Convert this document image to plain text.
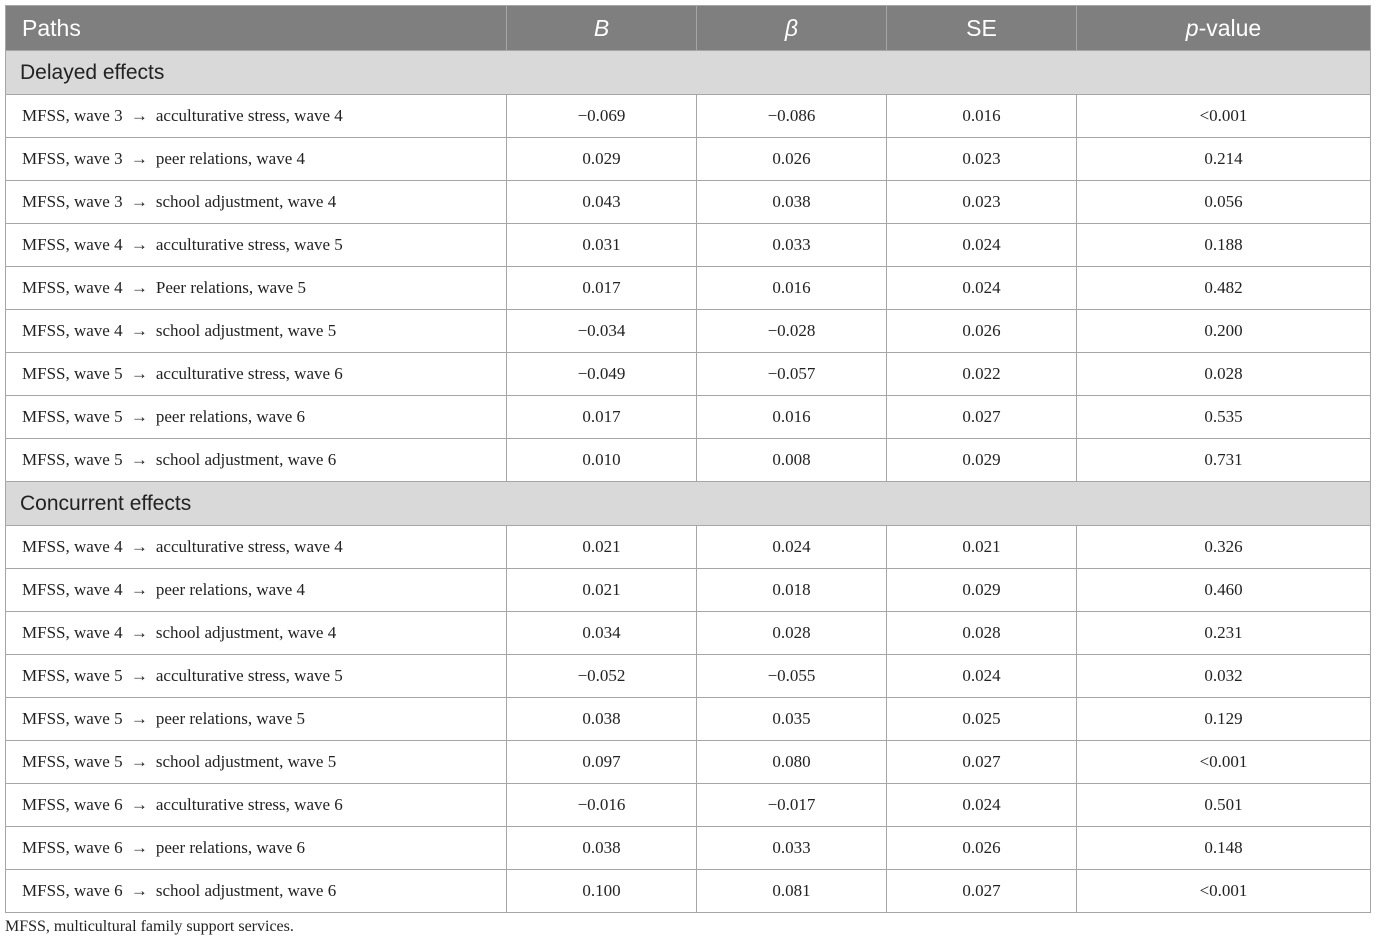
Paths	B	β	SE	p-value
Delayed effects				
MFSS, wave 3 → acculturative stress, wave 4	−0.069	−0.086	0.016	<0.001
MFSS, wave 3 → peer relations, wave 4	0.029	0.026	0.023	0.214
MFSS, wave 3 → school adjustment, wave 4	0.043	0.038	0.023	0.056
MFSS, wave 4 → acculturative stress, wave 5	0.031	0.033	0.024	0.188
MFSS, wave 4 → Peer relations, wave 5	0.017	0.016	0.024	0.482
MFSS, wave 4 → school adjustment, wave 5	−0.034	−0.028	0.026	0.200
MFSS, wave 5 → acculturative stress, wave 6	−0.049	−0.057	0.022	0.028
MFSS, wave 5 → peer relations, wave 6	0.017	0.016	0.027	0.535
MFSS, wave 5 → school adjustment, wave 6	0.010	0.008	0.029	0.731
Concurrent effects				
MFSS, wave 4 → acculturative stress, wave 4	0.021	0.024	0.021	0.326
MFSS, wave 4 → peer relations, wave 4	0.021	0.018	0.029	0.460
MFSS, wave 4 → school adjustment, wave 4	0.034	0.028	0.028	0.231
MFSS, wave 5 → acculturative stress, wave 5	−0.052	−0.055	0.024	0.032
MFSS, wave 5 → peer relations, wave 5	0.038	0.035	0.025	0.129
MFSS, wave 5 → school adjustment, wave 5	0.097	0.080	0.027	<0.001
MFSS, wave 6 → acculturative stress, wave 6	−0.016	−0.017	0.024	0.501
MFSS, wave 6 → peer relations, wave 6	0.038	0.033	0.026	0.148
MFSS, wave 6 → school adjustment, wave 6	0.100	0.081	0.027	<0.001
MFSS, multicultural family support services.
